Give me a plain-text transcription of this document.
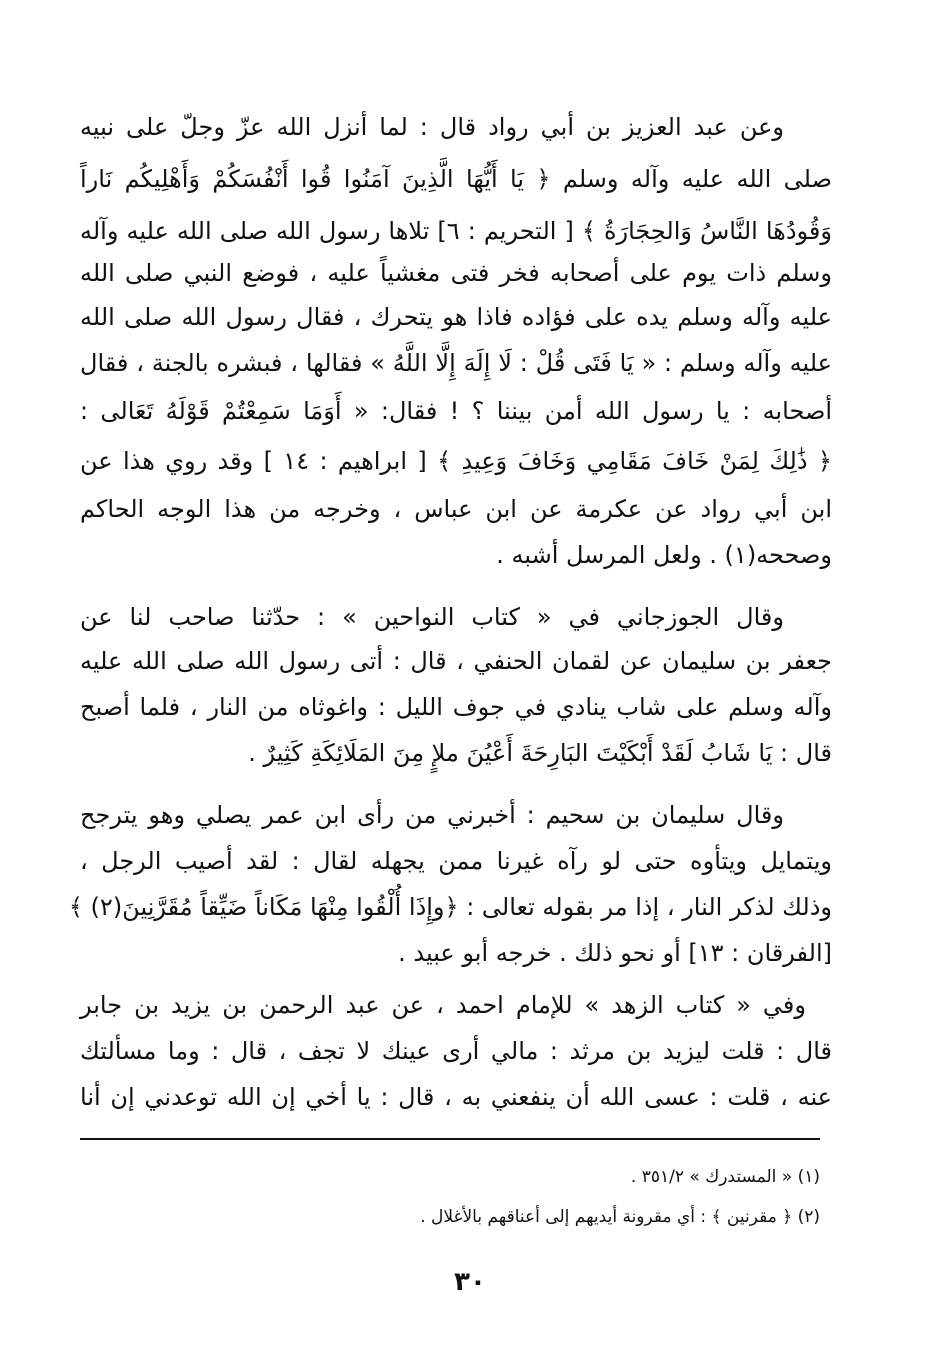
وعن عبد العزيز بن أبي رواد قال : لما أنزل الله عزّ وجلّ على نبيه
صلى الله عليه وآله وسلم ﴿ يَا أَيُّهَا الَّذِينَ آمَنُوا قُوا أَنْفُسَكُمْ وَأَهْلِيكُم نَاراً
وَقُودُهَا النَّاسُ وَالحِجَارَةُ ﴾ [ التحريم : ٦] تلاها رسول الله صلى الله عليه وآله
وسلم ذات يوم على أصحابه فخر فتى مغشياً عليه ، فوضع النبي صلى الله
عليه وآله وسلم يده على فؤاده فاذا هو يتحرك ، فقال رسول الله صلى الله
عليه وآله وسلم : « يَا فَتَى قُلْ : لَا إِلَهَ إِلَّا اللَّهُ » فقالها ، فبشره بالجنة ، فقال
أصحابه : يا رسول الله أمن بيننا ؟ ! فقال: « أَوَمَا سَمِعْتُمْ قَوْلَهُ تَعَالى :
﴿ ذَٰلِكَ لِمَنْ خَافَ مَقَامِي وَخَافَ وَعِيدِ ﴾ [ ابراهيم : ١٤ ] وقد روي هذا عن
ابن أبي رواد عن عكرمة عن ابن عباس ، وخرجه من هذا الوجه الحاكم
وصححه(١) . ولعل المرسل أشبه .
وقال الجوزجاني في « كتاب النواحين » : حدّثنا صاحب لنا عن
جعفر بن سليمان عن لقمان الحنفي ، قال : أتى رسول الله صلى الله عليه
وآله وسلم على شاب ينادي في جوف الليل : واغوثاه من النار ، فلما أصبح
قال : يَا شَابُ لَقَدْ أَبْكَيْتَ البَارِحَةَ أَعْيُنَ ملإٍ مِنَ المَلَائِكَةِ كَثِيرٌ .
وقال سليمان بن سحيم : أخبرني من رأى ابن عمر يصلي وهو يترجح
ويتمايل ويتأوه حتى لو رآه غيرنا ممن يجهله لقال : لقد أصيب الرجل ،
وذلك لذكر النار ، إذا مر بقوله تعالى : ﴿وإِذَا أُلْقُوا مِنْهَا مَكَاناً ضَيِّقاً مُقَرَّنِينَ(٢) ﴾
[الفرقان : ١٣] أو نحو ذلك . خرجه أبو عبيد .
وفي « كتاب الزهد » للإمام احمد ، عن عبد الرحمن بن يزيد بن جابر
قال : قلت ليزيد بن مرثد : مالي أرى عينك لا تجف ، قال : وما مسألتك
عنه ، قلت : عسى الله أن ينفعني به ، قال : يا أخي إن الله توعدني إن أنا
(١) « المستدرك » ٣٥١/٢ .
(٢) ﴿ مقرنين ﴾ : أي مقرونة أيديهم إلى أعناقهم بالأغلال .
٣٠
